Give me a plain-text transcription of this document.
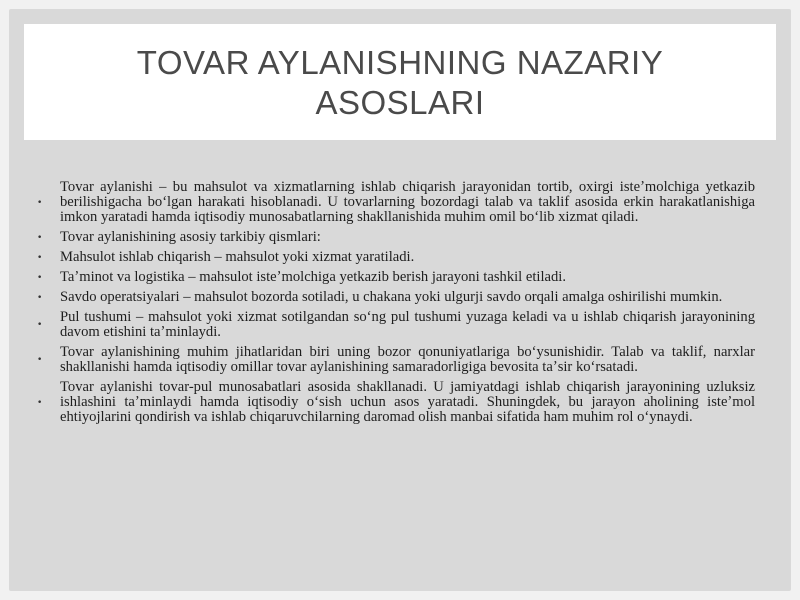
TOVAR AYLANISHNING NAZARIY ASOSLARI
•
Tovar aylanishi – bu mahsulot va xizmatlarning ishlab chiqarish jarayonidan tortib, oxirgi isteʼmolchiga yetkazib berilishigacha boʻlgan harakati hisoblanadi. U tovarlarning bozordagi talab va taklif asosida erkin harakatlanishiga imkon yaratadi hamda iqtisodiy munosabatlarning shakllanishida muhim omil boʻlib xizmat qiladi.
•	Tovar aylanishining asosiy tarkibiy qismlari:
•	Mahsulot ishlab chiqarish – mahsulot yoki xizmat yaratiladi.
•	Taʼminot va logistika – mahsulot isteʼmolchiga yetkazib berish jarayoni tashkil etiladi.
•	Savdo operatsiyalari – mahsulot bozorda sotiladi, u chakana yoki ulgurji savdo orqali amalga oshirilishi mumkin.
•	Pul tushumi – mahsulot yoki xizmat sotilgandan soʻng pul tushumi yuzaga keladi va u ishlab chiqarish jarayonining davom etishini taʼminlaydi.
•	Tovar aylanishining muhim jihatlaridan biri uning bozor qonuniyatlariga boʻysunishidir. Talab va taklif, narxlar shakllanishi hamda iqtisodiy omillar tovar aylanishining samaradorligiga bevosita taʼsir koʻrsatadi.
•
Tovar aylanishi tovar-pul munosabatlari asosida shakllanadi. U jamiyatdagi ishlab chiqarish jarayonining uzluksiz ishlashini taʼminlaydi hamda iqtisodiy oʻsish uchun asos yaratadi. Shuningdek, bu jarayon aholining isteʼmol ehtiyojlarini qondirish va ishlab chiqaruvchilarning daromad olish manbai sifatida ham muhim rol oʻynaydi.
